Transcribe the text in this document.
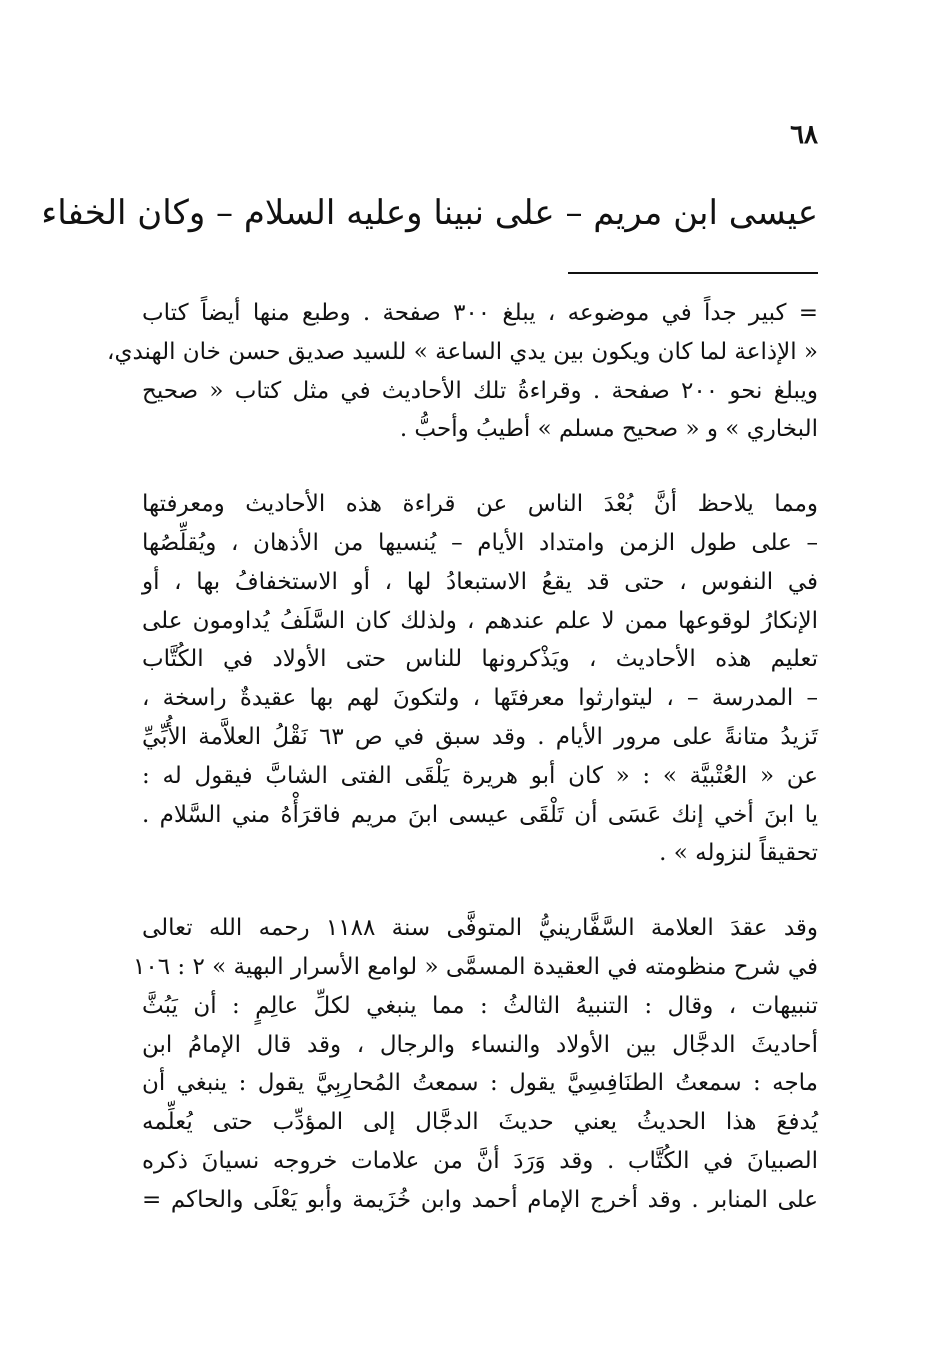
٦٨
عيسى ابن مريم – على نبينا وعليه السلام – وكان الخفاء
= كبير جداً في موضوعه ، يبلغ ٣٠٠ صفحة . وطبع منها أيضاً كتاب
« الإذاعة لما كان ويكون بين يدي الساعة » للسيد صديق حسن خان الهندي،
ويبلغ نحو ٢٠٠ صفحة . وقراءةُ تلك الأحاديث في مثل كتاب « صحيح
البخاري » و « صحيح مسلم » أطيبُ وأحبُّ .
ومما يلاحظ أنَّ بُعْدَ الناس عن قراءة هذه الأحاديث ومعرفتها
– على طول الزمن وامتداد الأيام – يُنسيها من الأذهان ، ويُقلِّصُها
في النفوس ، حتى قد يقعُ الاستبعادُ لها ، أو الاستخفافُ بها ، أو
الإنكارُ لوقوعها ممن لا علم عندهم ، ولذلك كان السَّلَفُ يُداومون على
تعليم هذه الأحاديث ، ويَذْكرونها للناس حتى الأولاد في الكُتَّاب
– المدرسة – ، ليتوارثوا معرفتَها ، ولتكونَ لهم بها عقيدةٌ راسخة ،
تَزيدُ متانةً على مرور الأيام . وقد سبق في ص ٦٣ نَقْلُ العلاَّمة الأُبِّيِّ
عن « العُتْبيَّة » : « كان أبو هريرة يَلْقَى الفتى الشابَّ فيقول له :
يا ابنَ أخي إنك عَسَى أن تَلْقَى عيسى ابنَ مريم فاقرَأْهُ مني السَّلام .
تحقيقاً لنزوله » .
وقد عقدَ العلامة السَّفَّارينيُّ المتوفَّى سنة ١١٨٨ رحمه الله تعالى
في شرح منظومته في العقيدة المسمَّى « لوامع الأسرار البهية » ٢ : ١٠٦
تنبيهات ، وقال : التنبيهُ الثالثُ : مما ينبغي لكلِّ عالِمٍ : أن يَبُثَّ
أحاديثَ الدجَّال بين الأولاد والنساء والرجال ، وقد قال الإمامُ ابن
ماجه : سمعتُ الطنَافِسِيَّ يقول : سمعتُ المُحارِبِيَّ يقول : ينبغي أن
يُدفعَ هذا الحديثُ يعني حديثَ الدجَّال إلى المؤدِّب حتى يُعلِّمه
الصبيانَ في الكُتَّاب . وقد وَرَدَ أنَّ من علامات خروجه نسيانَ ذكره
على المنابر . وقد أخرج الإمام أحمد وابن خُزَيمة وأبو يَعْلَى والحاكم =
